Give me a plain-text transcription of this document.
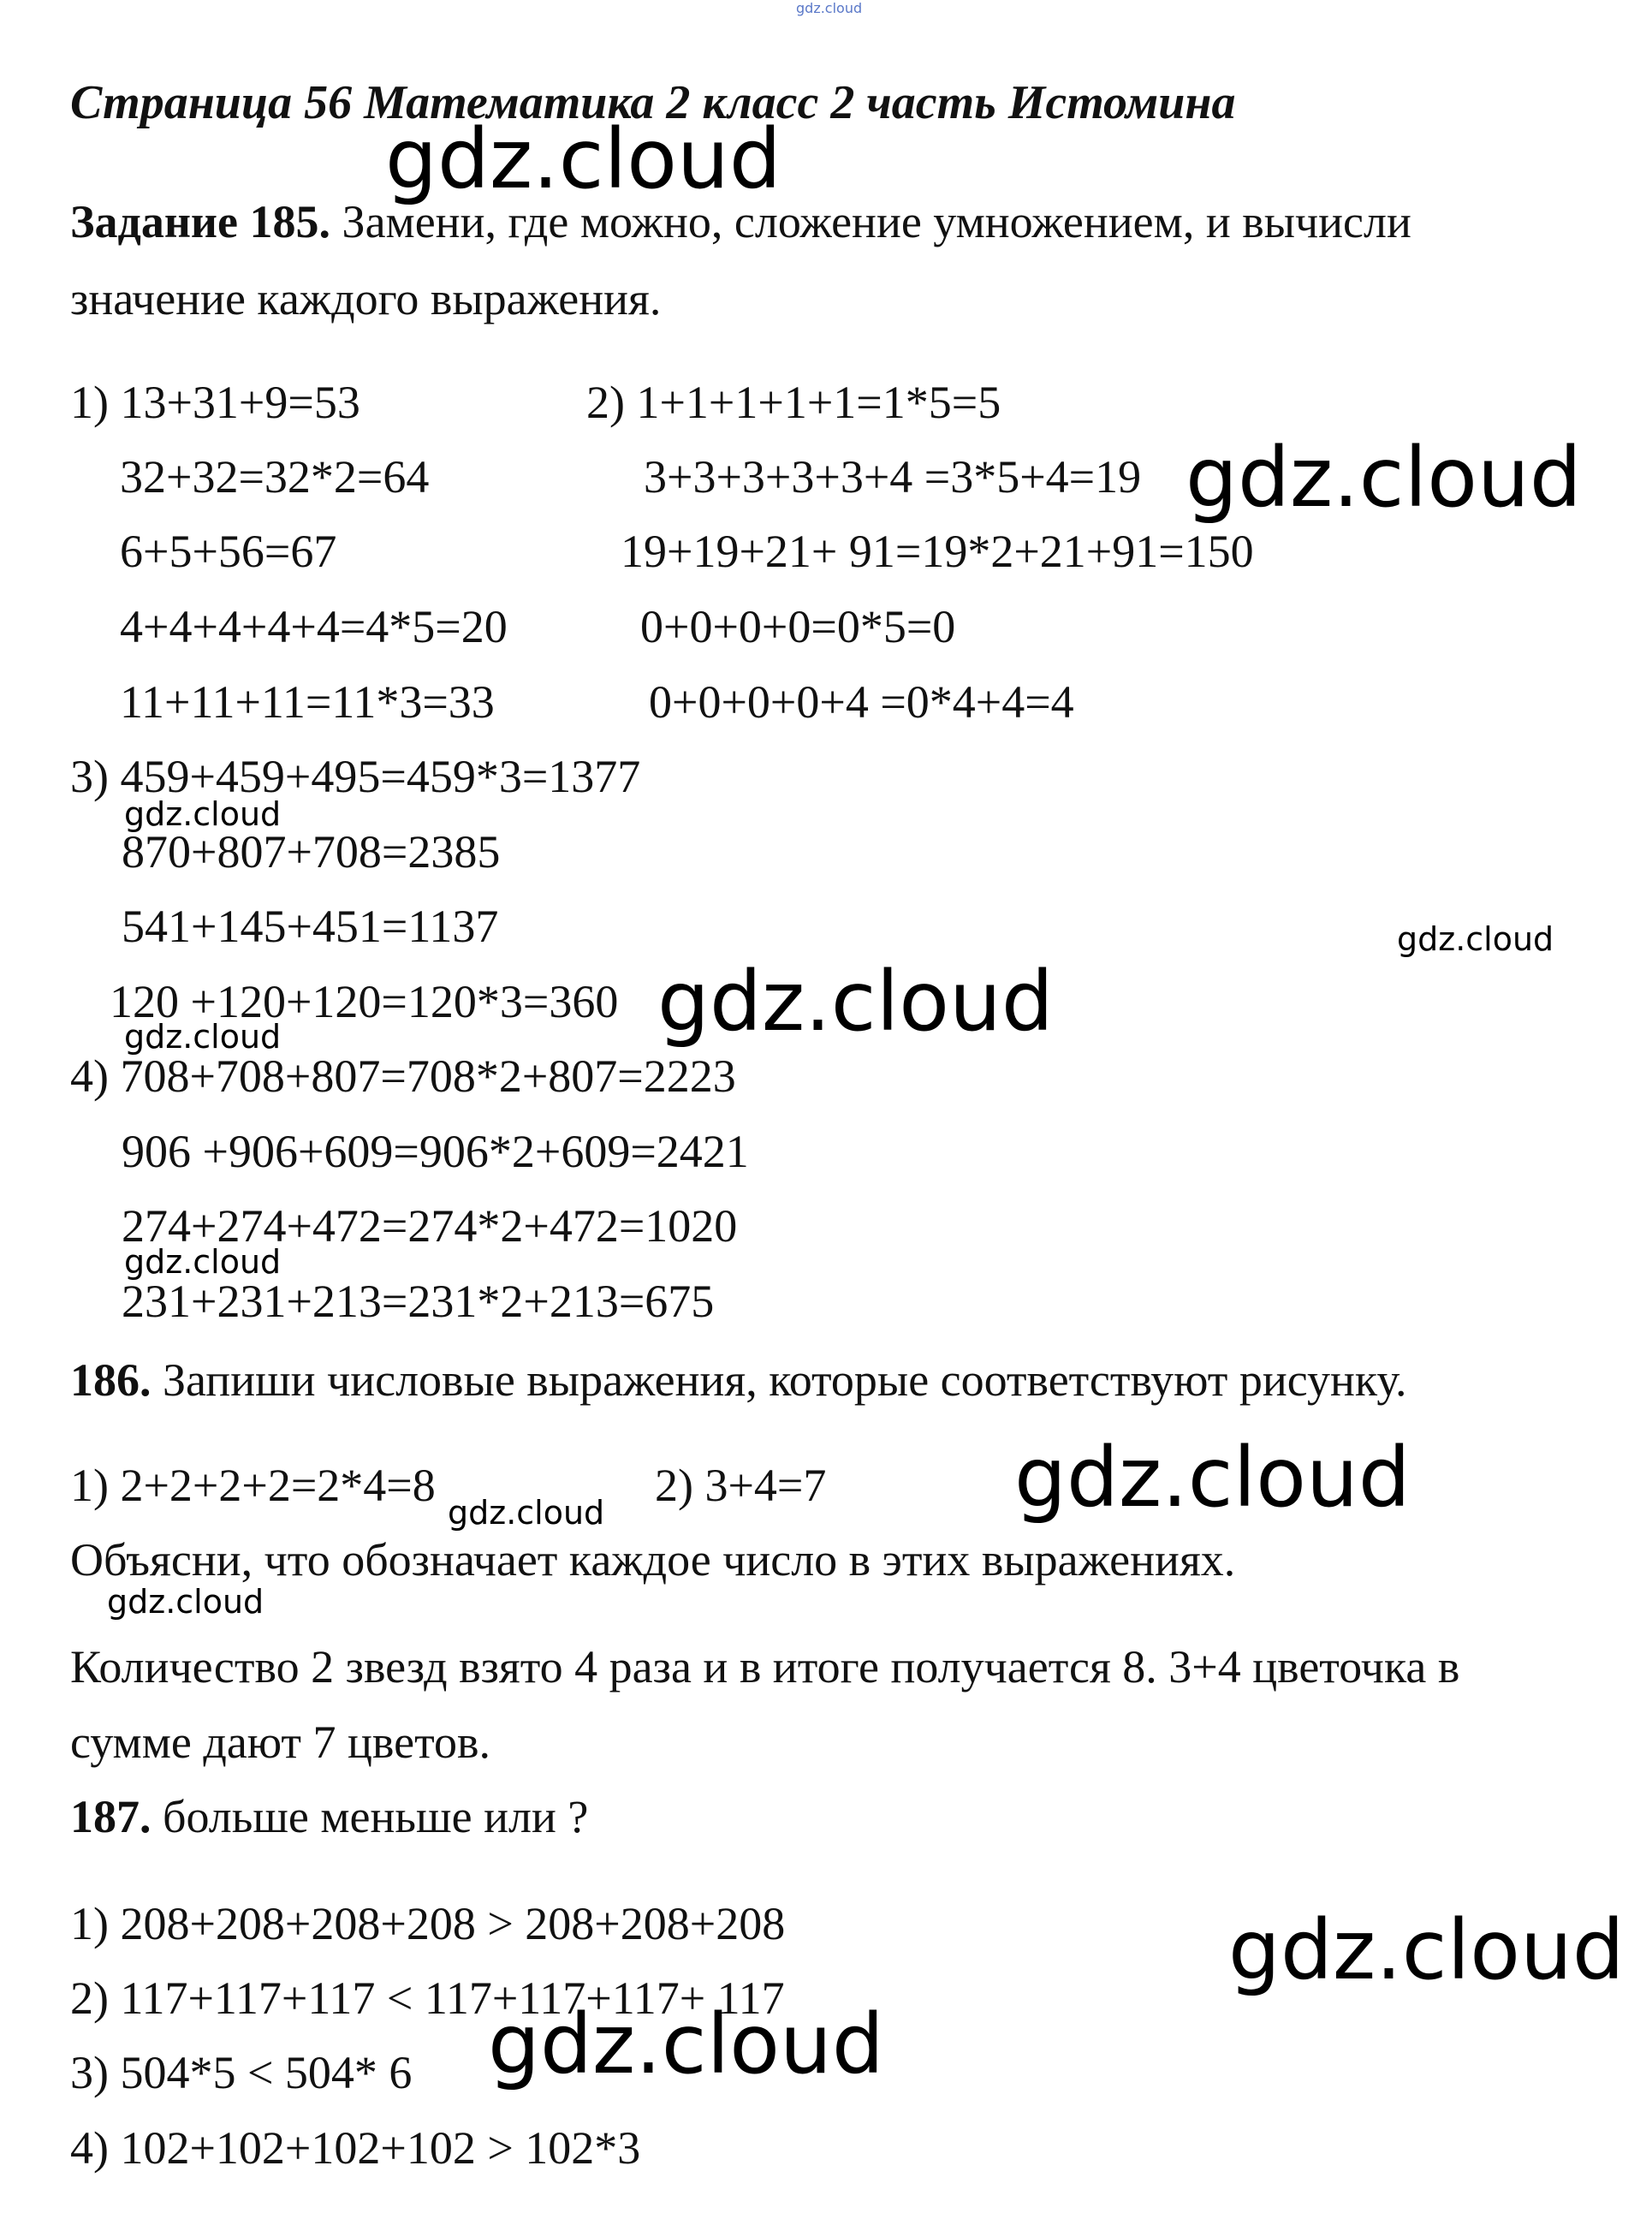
gdz.cloud
Страница 56 Математика 2 класс 2 часть Истомина
Задание 185. Замени, где можно, сложение умножением, и вычисли
значение каждого выражения.
1) 13+31+9=53
32+32=32*2=64
6+5+56=67
4+4+4+4+4=4*5=20
11+11+11=11*3=33
2) 1+1+1+1+1=1*5=5
3+3+3+3+3+4 =3*5+4=19
19+19+21+ 91=19*2+21+91=150
0+0+0+0=0*5=0
0+0+0+0+4 =0*4+4=4
3) 459+459+495=459*3=1377
870+807+708=2385
541+145+451=1137
120 +120+120=120*3=360
4) 708+708+807=708*2+807=2223
906 +906+609=906*2+609=2421
274+274+472=274*2+472=1020
231+231+213=231*2+213=675
186. Запиши числовые выражения, которые соответствуют рисунку.
1) 2+2+2+2=2*4=8	2) 3+4=7
Объясни, что обозначает каждое число в этих выражениях.
Количество 2 звезд взято 4 раза и в итоге получается 8. 3+4 цветочка в
сумме дают 7 цветов.
187. больше меньше или ?
1) 208+208+208+208 > 208+208+208
2) 117+117+117 < 117+117+117+ 117
3) 504*5 < 504* 6
4) 102+102+102+102 > 102*3
gdz.cloud
gdz.cloud
gdz.cloud
gdz.cloud
gdz.cloud
gdz.cloud
gdz.cloud
gdz.cloud
gdz.cloud
gdz.cloud
gdz.cloud
gdz.cloud
